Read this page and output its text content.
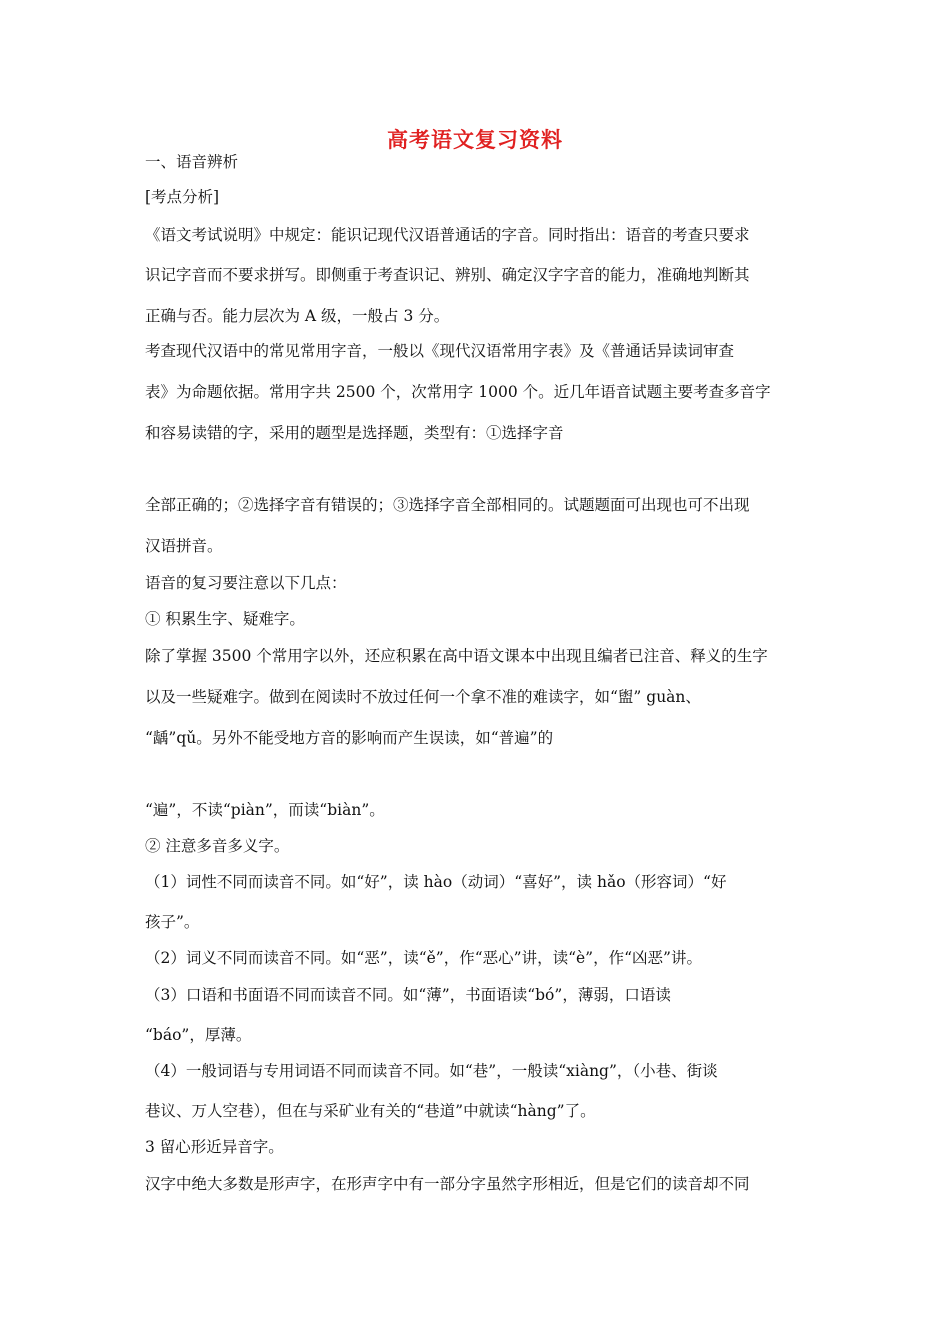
高考语文复习资料
一、语音辨析
[考点分析]
《语文考试说明》中规定：能识记现代汉语普通话的字音。同时指出：语音的考查只要求
识记字音而不要求拼写。即侧重于考查识记、辨别、确定汉字字音的能力，准确地判断其
正确与否。能力层次为 A 级，一般占 3 分。
考查现代汉语中的常见常用字音，一般以《现代汉语常用字表》及《普通话异读词审查
表》为命题依据。常用字共 2500 个，次常用字 1000 个。近几年语音试题主要考查多音字
和容易读错的字，采用的题型是选择题，类型有：①选择字音
全部正确的；②选择字音有错误的；③选择字音全部相同的。试题题面可出现也可不出现
汉语拼音。
语音的复习要注意以下几点：
① 积累生字、疑难字。
除了掌握 3500 个常用字以外，还应积累在高中语文课本中出现且编者已注音、释义的生字
以及一些疑难字。做到在阅读时不放过任何一个拿不准的难读字，如“盥” guàn、
“龋”qǔ。另外不能受地方音的影响而产生误读，如“普遍”的
“遍”，不读“piàn”，而读“biàn”。
② 注意多音多义字。
（1）词性不同而读音不同。如“好”，读 hào（动词）“喜好”，读 hǎo（形容词）“好
孩子”。
（2）词义不同而读音不同。如“恶”，读“ě”，作“恶心”讲，读“è”，作“凶恶”讲。
（3）口语和书面语不同而读音不同。如“薄”，书面语读“bó”，薄弱，口语读
“báo”，厚薄。
（4）一般词语与专用词语不同而读音不同。如“巷”，一般读“xiàng”，（小巷、街谈
巷议、万人空巷），但在与采矿业有关的“巷道”中就读“hàng”了。
3 留心形近异音字。
汉字中绝大多数是形声字，在形声字中有一部分字虽然字形相近，但是它们的读音却不同
